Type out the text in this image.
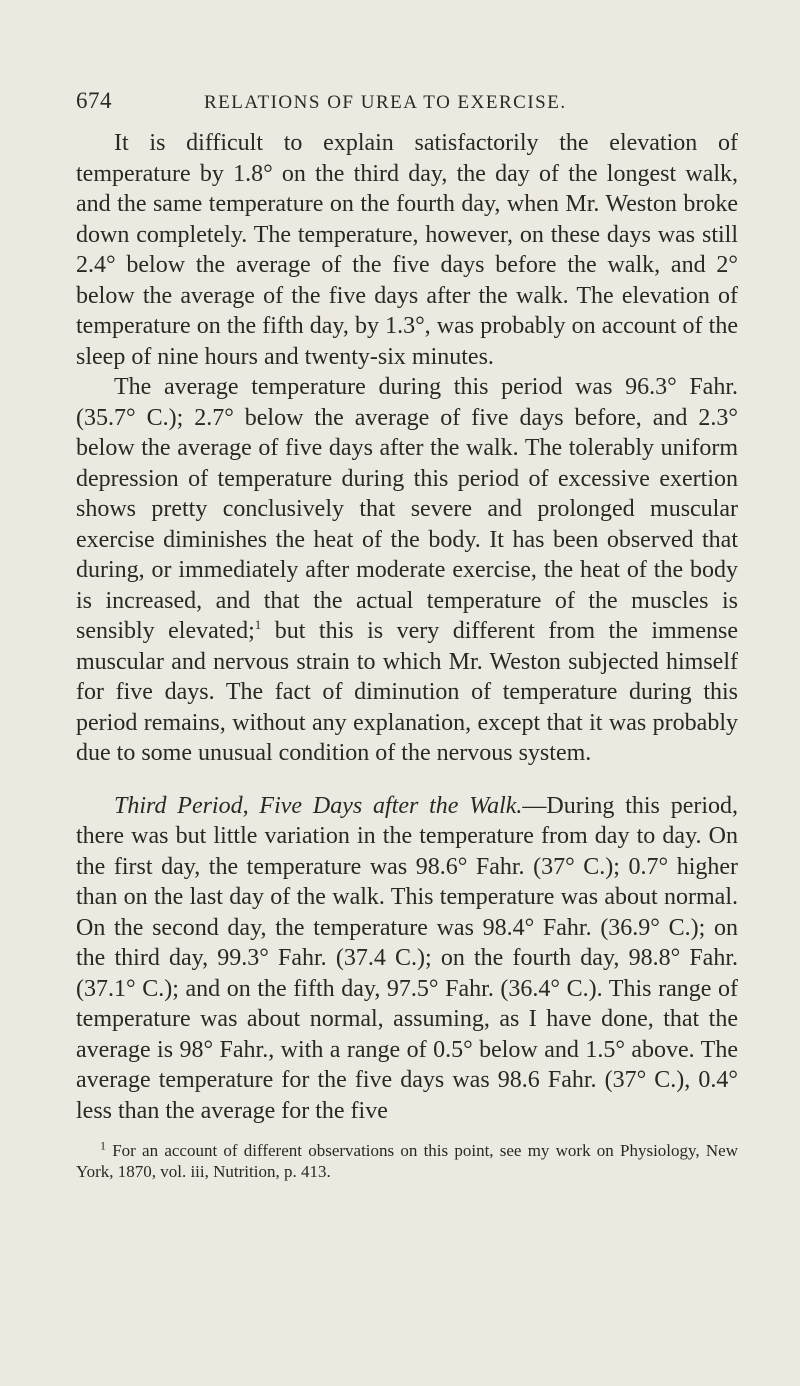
674	RELATIONS OF UREA TO EXERCISE.

It is difficult to explain satisfactorily the elevation of temperature by 1.8° on the third day, the day of the longest walk, and the same temperature on the fourth day, when Mr. Weston broke down completely. The temperature, however, on these days was still 2.4° below the average of the five days before the walk, and 2° below the average of the five days after the walk. The elevation of temperature on the fifth day, by 1.3°, was probably on account of the sleep of nine hours and twenty-six minutes.

The average temperature during this period was 96.3° Fahr. (35.7° C.); 2.7° below the average of five days before, and 2.3° below the average of five days after the walk. The tolerably uniform depression of temperature during this period of excessive exertion shows pretty conclusively that severe and prolonged muscular exercise diminishes the heat of the body. It has been observed that during, or immediately after moderate exercise, the heat of the body is increased, and that the actual temperature of the muscles is sensibly elevated;$^1$ but this is very different from the immense muscular and nervous strain to which Mr. Weston subjected himself for five days. The fact of diminution of temperature during this period remains, without any explanation, except that it was probably due to some unusual condition of the nervous system.

Third Period, Five Days after the Walk.—During this period, there was but little variation in the temperature from day to day. On the first day, the temperature was 98.6° Fahr. (37° C.); 0.7° higher than on the last day of the walk. This temperature was about normal. On the second day, the temperature was 98.4° Fahr. (36.9° C.); on the third day, 99.3° Fahr. (37.4 C.); on the fourth day, 98.8° Fahr. (37.1° C.); and on the fifth day, 97.5° Fahr. (36.4° C.). This range of temperature was about normal, assuming, as I have done, that the average is 98° Fahr., with a range of 0.5° below and 1.5° above. The average temperature for the five days was 98.6 Fahr. (37° C.), 0.4° less than the average for the five

$^1$ For an account of different observations on this point, see my work on Physiology, New York, 1870, vol. iii, Nutrition, p. 413.
